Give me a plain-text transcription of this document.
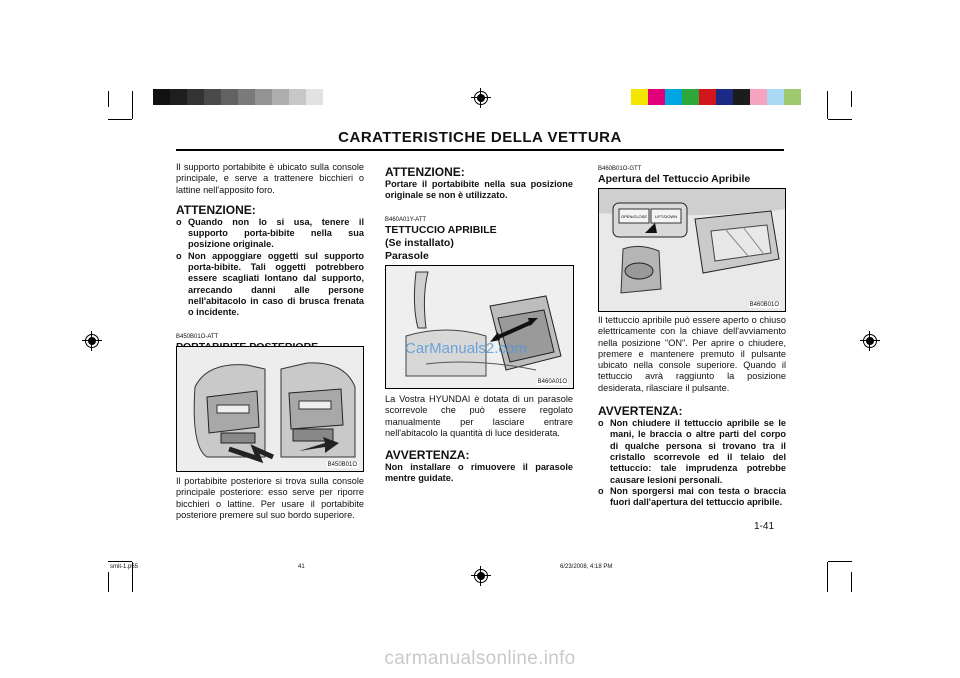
CARATTERISTICHE DELLA VETTURA

Il supporto portabibite è ubicato sulla console principale, e serve a trattenere bicchieri o lattine nell'apposito foro.

ATTENZIONE:

o Quando non lo si usa, tenere il supporto porta-bibite nella sua posizione originale.

o Non appoggiare oggetti sul supporto porta-bibite. Tali oggetti potrebbero essere scagliati lontano dal supporto, arrecando danni alle persone nell'abitacolo in caso di brusca frenata o incidente.

B450B01O-ATT

B450B01O

Il portabibite posteriore si trova sulla console principale posteriore: esso serve per riporre bicchieri o lattine. Per usare il portabibite posteriore premere sul suo bordo superiore.

ATTENZIONE:

Portare il portabibite nella sua posizione originale se non è utilizzato.

B460A01Y-ATT

TETTUCCIO APRIBILE

(Se installato)

Parasole

B460A01O
CarManuals2.com

La Vostra HYUNDAI è dotata di un parasole scorrevole che può essere regolato manualmente per lasciare entrare nell'abitacolo la quantità di luce desiderata.

AVVERTENZA:

Non installare o rimuovere il parasole mentre guidate.

B460B01O-GTT

Apertura del Tettuccio Apribile

OPEN/CLOSE LIFT/DOWN
B460B01O

Il tettuccio apribile può essere aperto o chiuso elettricamente con la chiave dell'avviamento nella posizione "ON". Per aprire o chiudere, premere e mantenere premuto il pulsante ubicato nella console superiore. Quando il tettuccio avrà raggiunto la posizione desiderata, rilasciare il pulsante.

AVVERTENZA:

o Non chiudere il tettuccio apribile se le mani, le braccia o altre parti del corpo di qualche persona si trovano tra il cristallo scorrevole ed il telaio del tettuccio: tale imprudenza potrebbe causare lesioni personali.

o Non sporgersi mai con testa o braccia fuori dall'apertura del tettuccio apribile.

1-41
smit-1.p65	41	6/23/2008, 4:18 PM
carmanualsonline.info
